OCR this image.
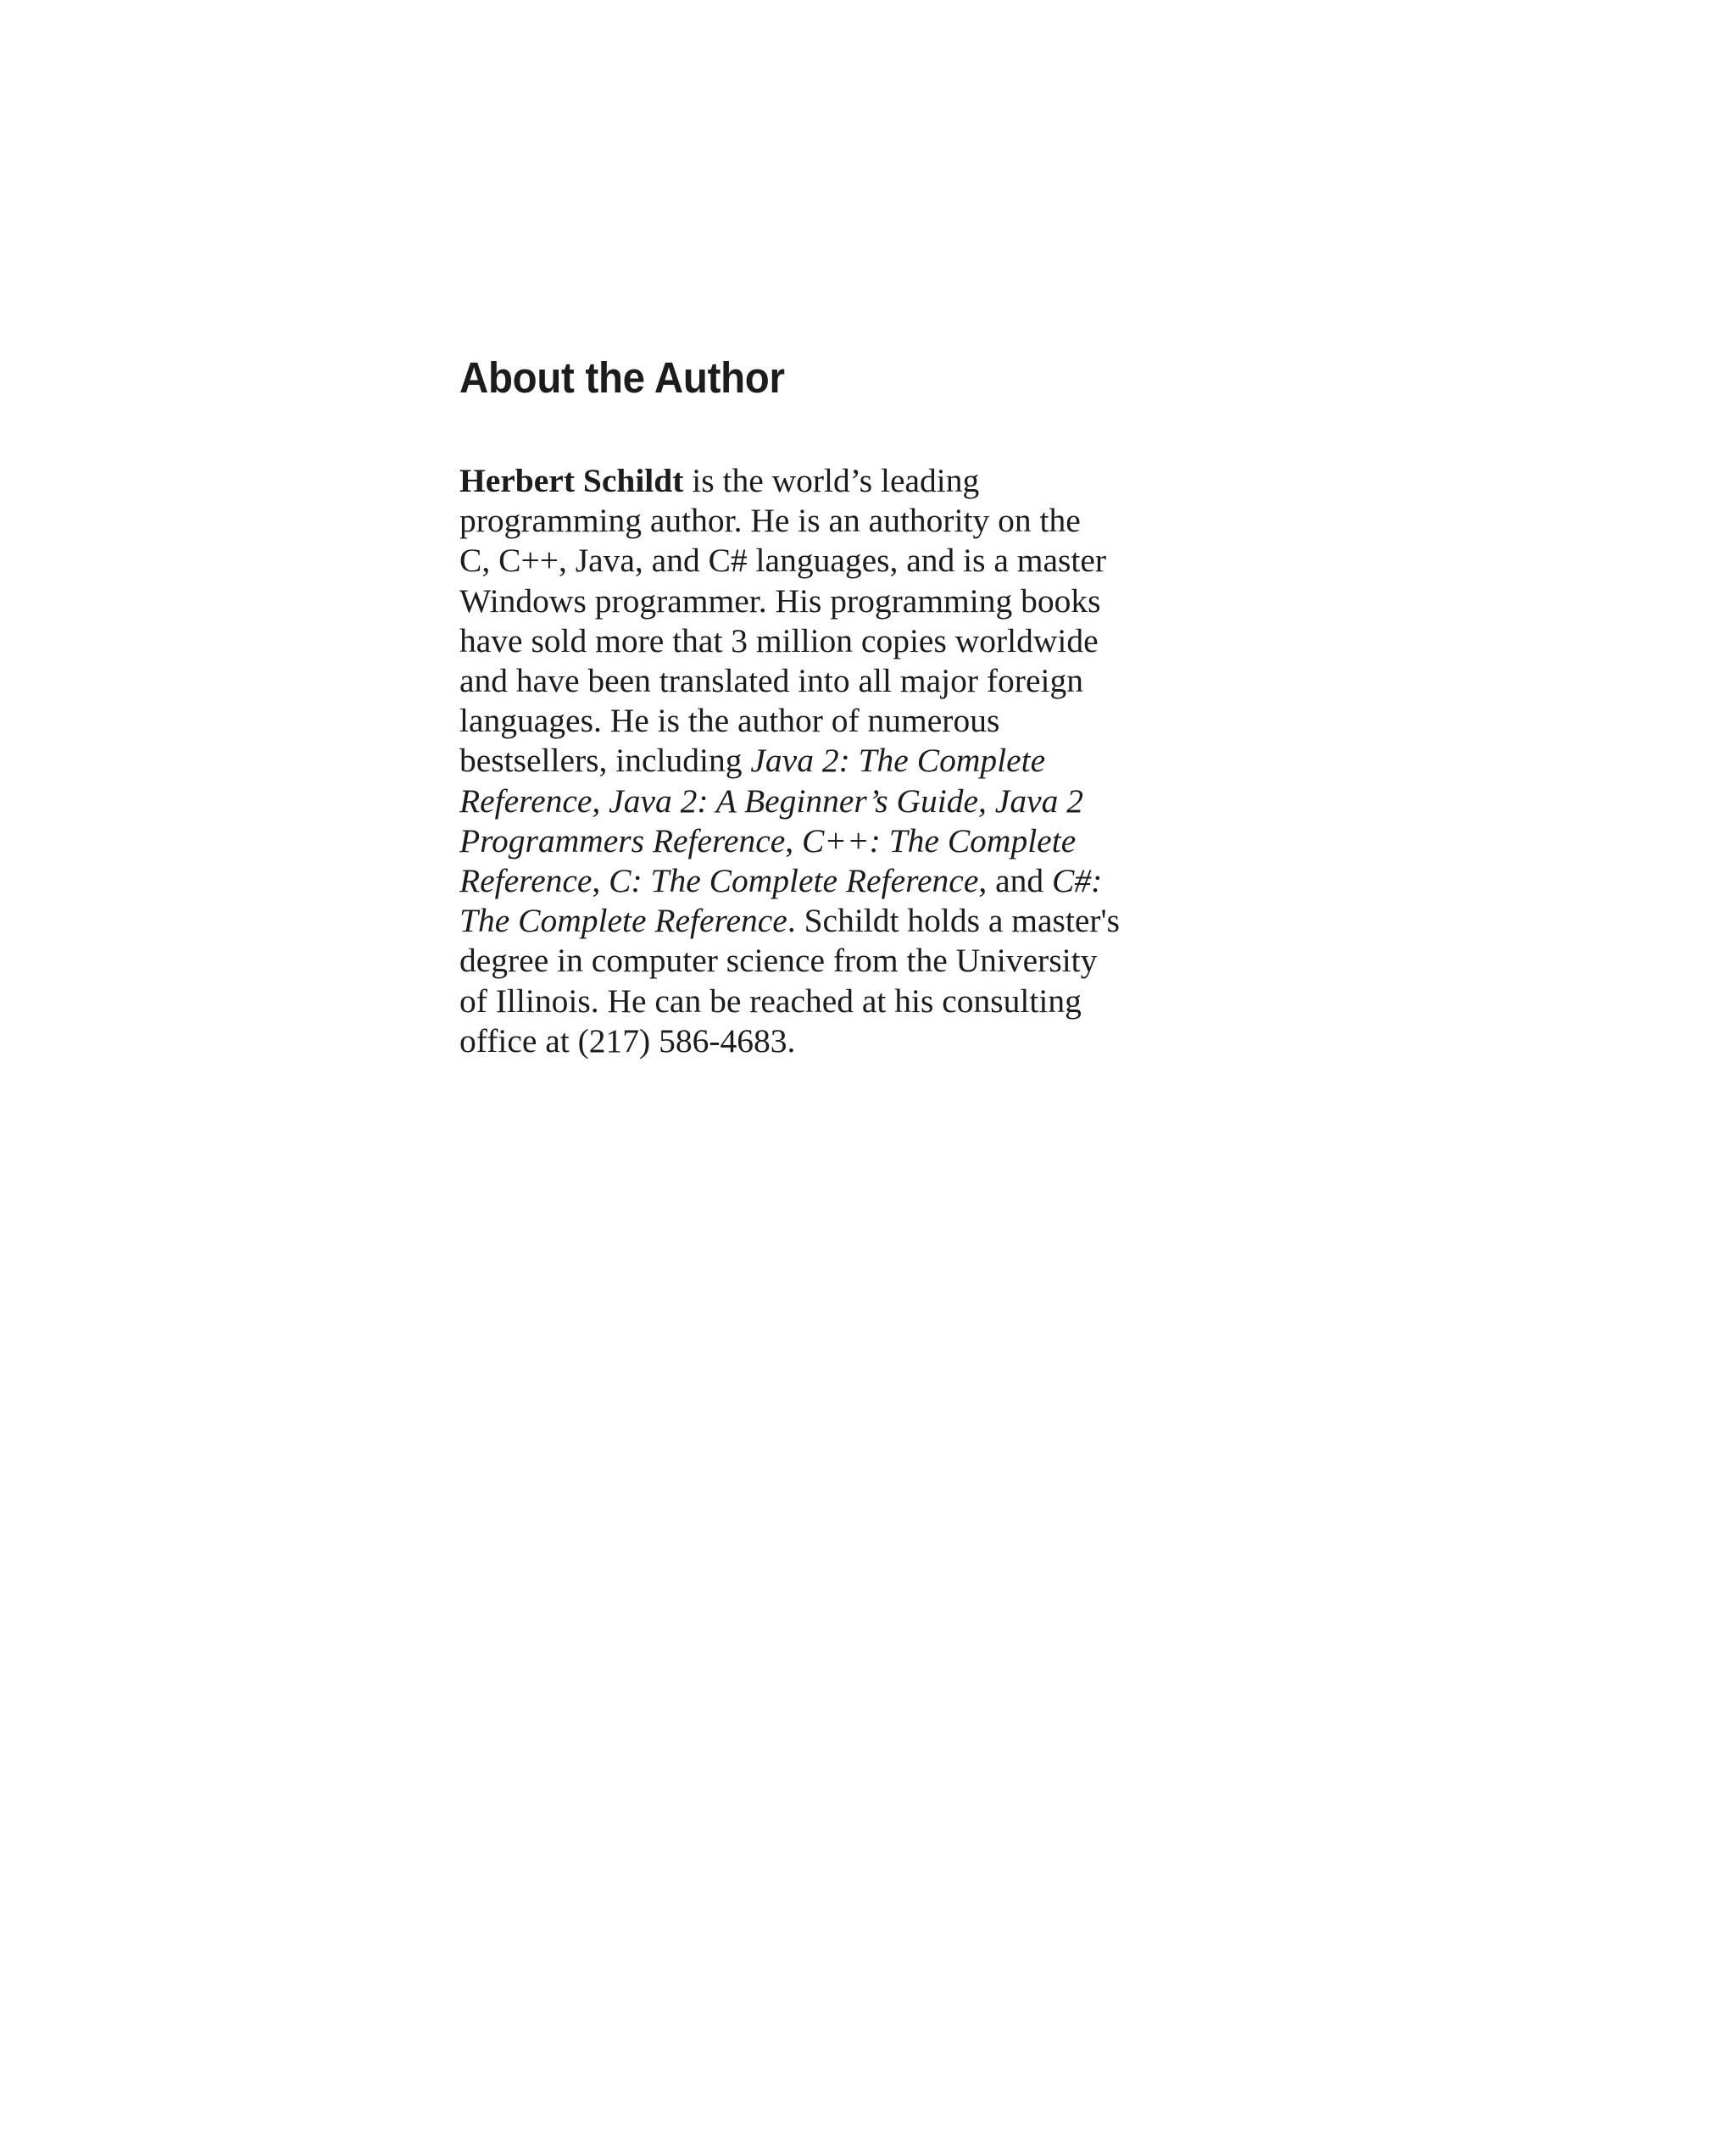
About the Author
Herbert Schildt is the world’s leading
programming author. He is an authority on the
C, C++, Java, and C# languages, and is a master
Windows programmer. His programming books
have sold more that 3 million copies worldwide
and have been translated into all major foreign
languages. He is the author of numerous
bestsellers, including Java 2: The Complete
Reference, Java 2: A Beginner’s Guide, Java 2
Programmers Reference, C++: The Complete
Reference, C: The Complete Reference, and C#:
The Complete Reference. Schildt holds a master's
degree in computer science from the University
of Illinois. He can be reached at his consulting
office at (217) 586-4683.
